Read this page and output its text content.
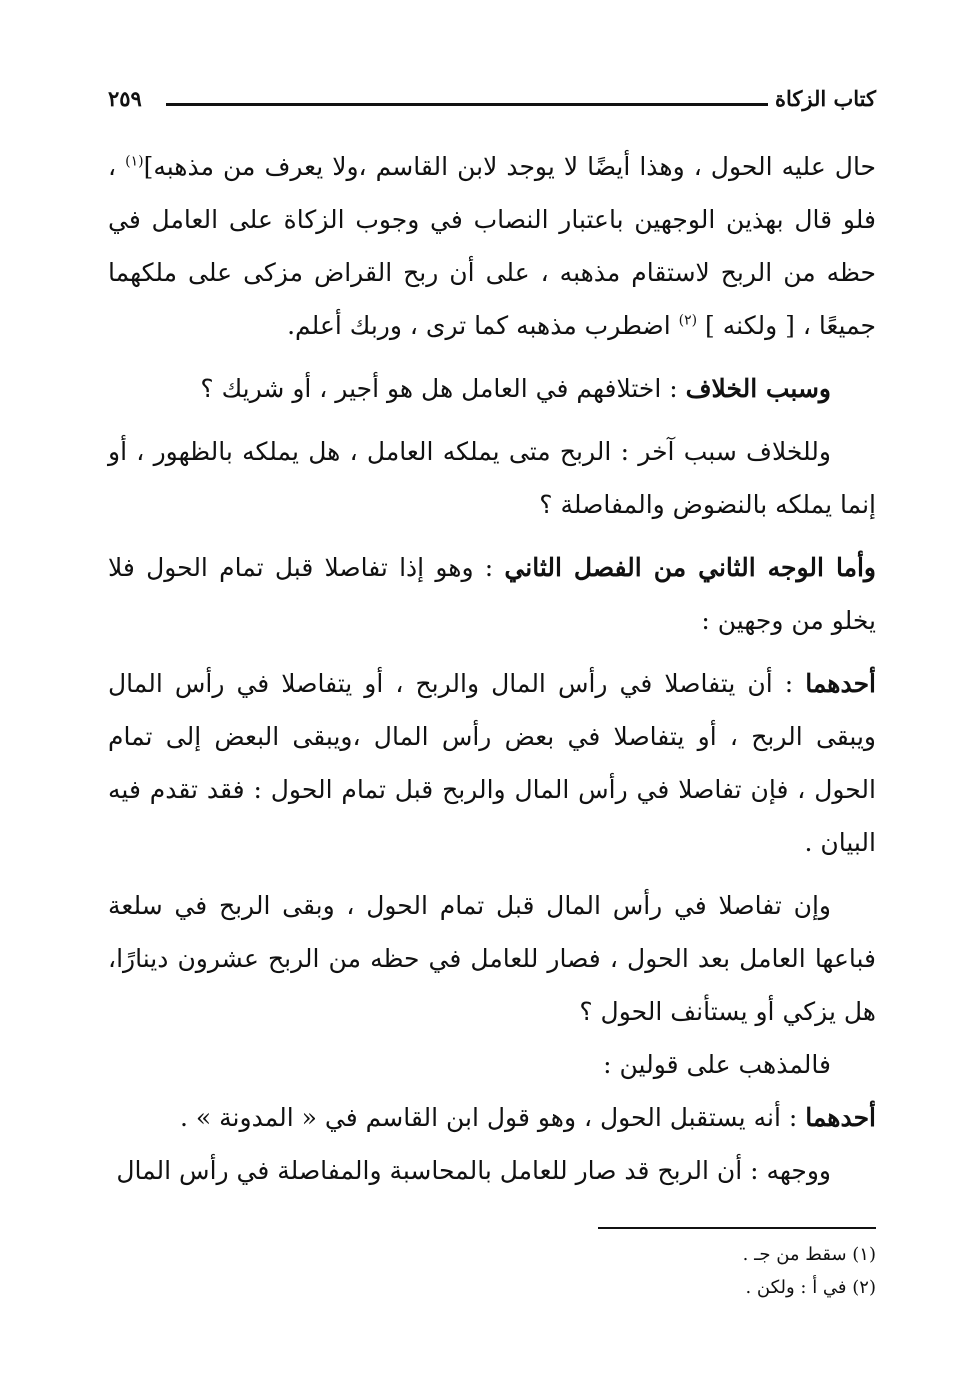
كتاب الزكاة
٢٥٩

حال عليه الحول ، وهذا أيضًا لا يوجد لابن القاسم ،ولا يعرف من مذهبه]$^{(١)}$ ، فلو قال بهذين الوجهين باعتبار النصاب في وجوب الزكاة على العامل في حظه من الربح لاستقام مذهبه ، على أن ربح القراض مزكى على ملكهما جميعًا ، [ ولكنه ] $^{(٢)}$ اضطرب مذهبه كما ترى ، وربك أعلم.

وسبب الخلاف : اختلافهم في العامل هل هو أجير ، أو شريك ؟

وللخلاف سبب آخر : الربح متى يملكه العامل ، هل يملكه بالظهور ، أو إنما يملكه بالنضوض والمفاصلة ؟

وأما الوجه الثاني من الفصل الثاني : وهو إذا تفاصلا قبل تمام الحول فلا يخلو من وجهين :

أحدهما : أن يتفاصلا في رأس المال والربح ، أو يتفاصلا في رأس المال ويبقى الربح ، أو يتفاصلا في بعض رأس المال ،ويبقى البعض إلى تمام الحول ، فإن تفاصلا في رأس المال والربح قبل تمام الحول : فقد تقدم فيه البيان .

وإن تفاصلا في رأس المال قبل تمام الحول ، وبقى الربح في سلعة فباعها العامل بعد الحول ، فصار للعامل في حظه من الربح عشرون دينارًا، هل يزكي أو يستأنف الحول ؟

فالمذهب على قولين :

أحدهما : أنه يستقبل الحول ، وهو قول ابن القاسم في « المدونة » .

ووجهه : أن الربح قد صار للعامل بالمحاسبة والمفاصلة في رأس المال

(١) سقط من جـ .

(٢) في أ : ولكن .
